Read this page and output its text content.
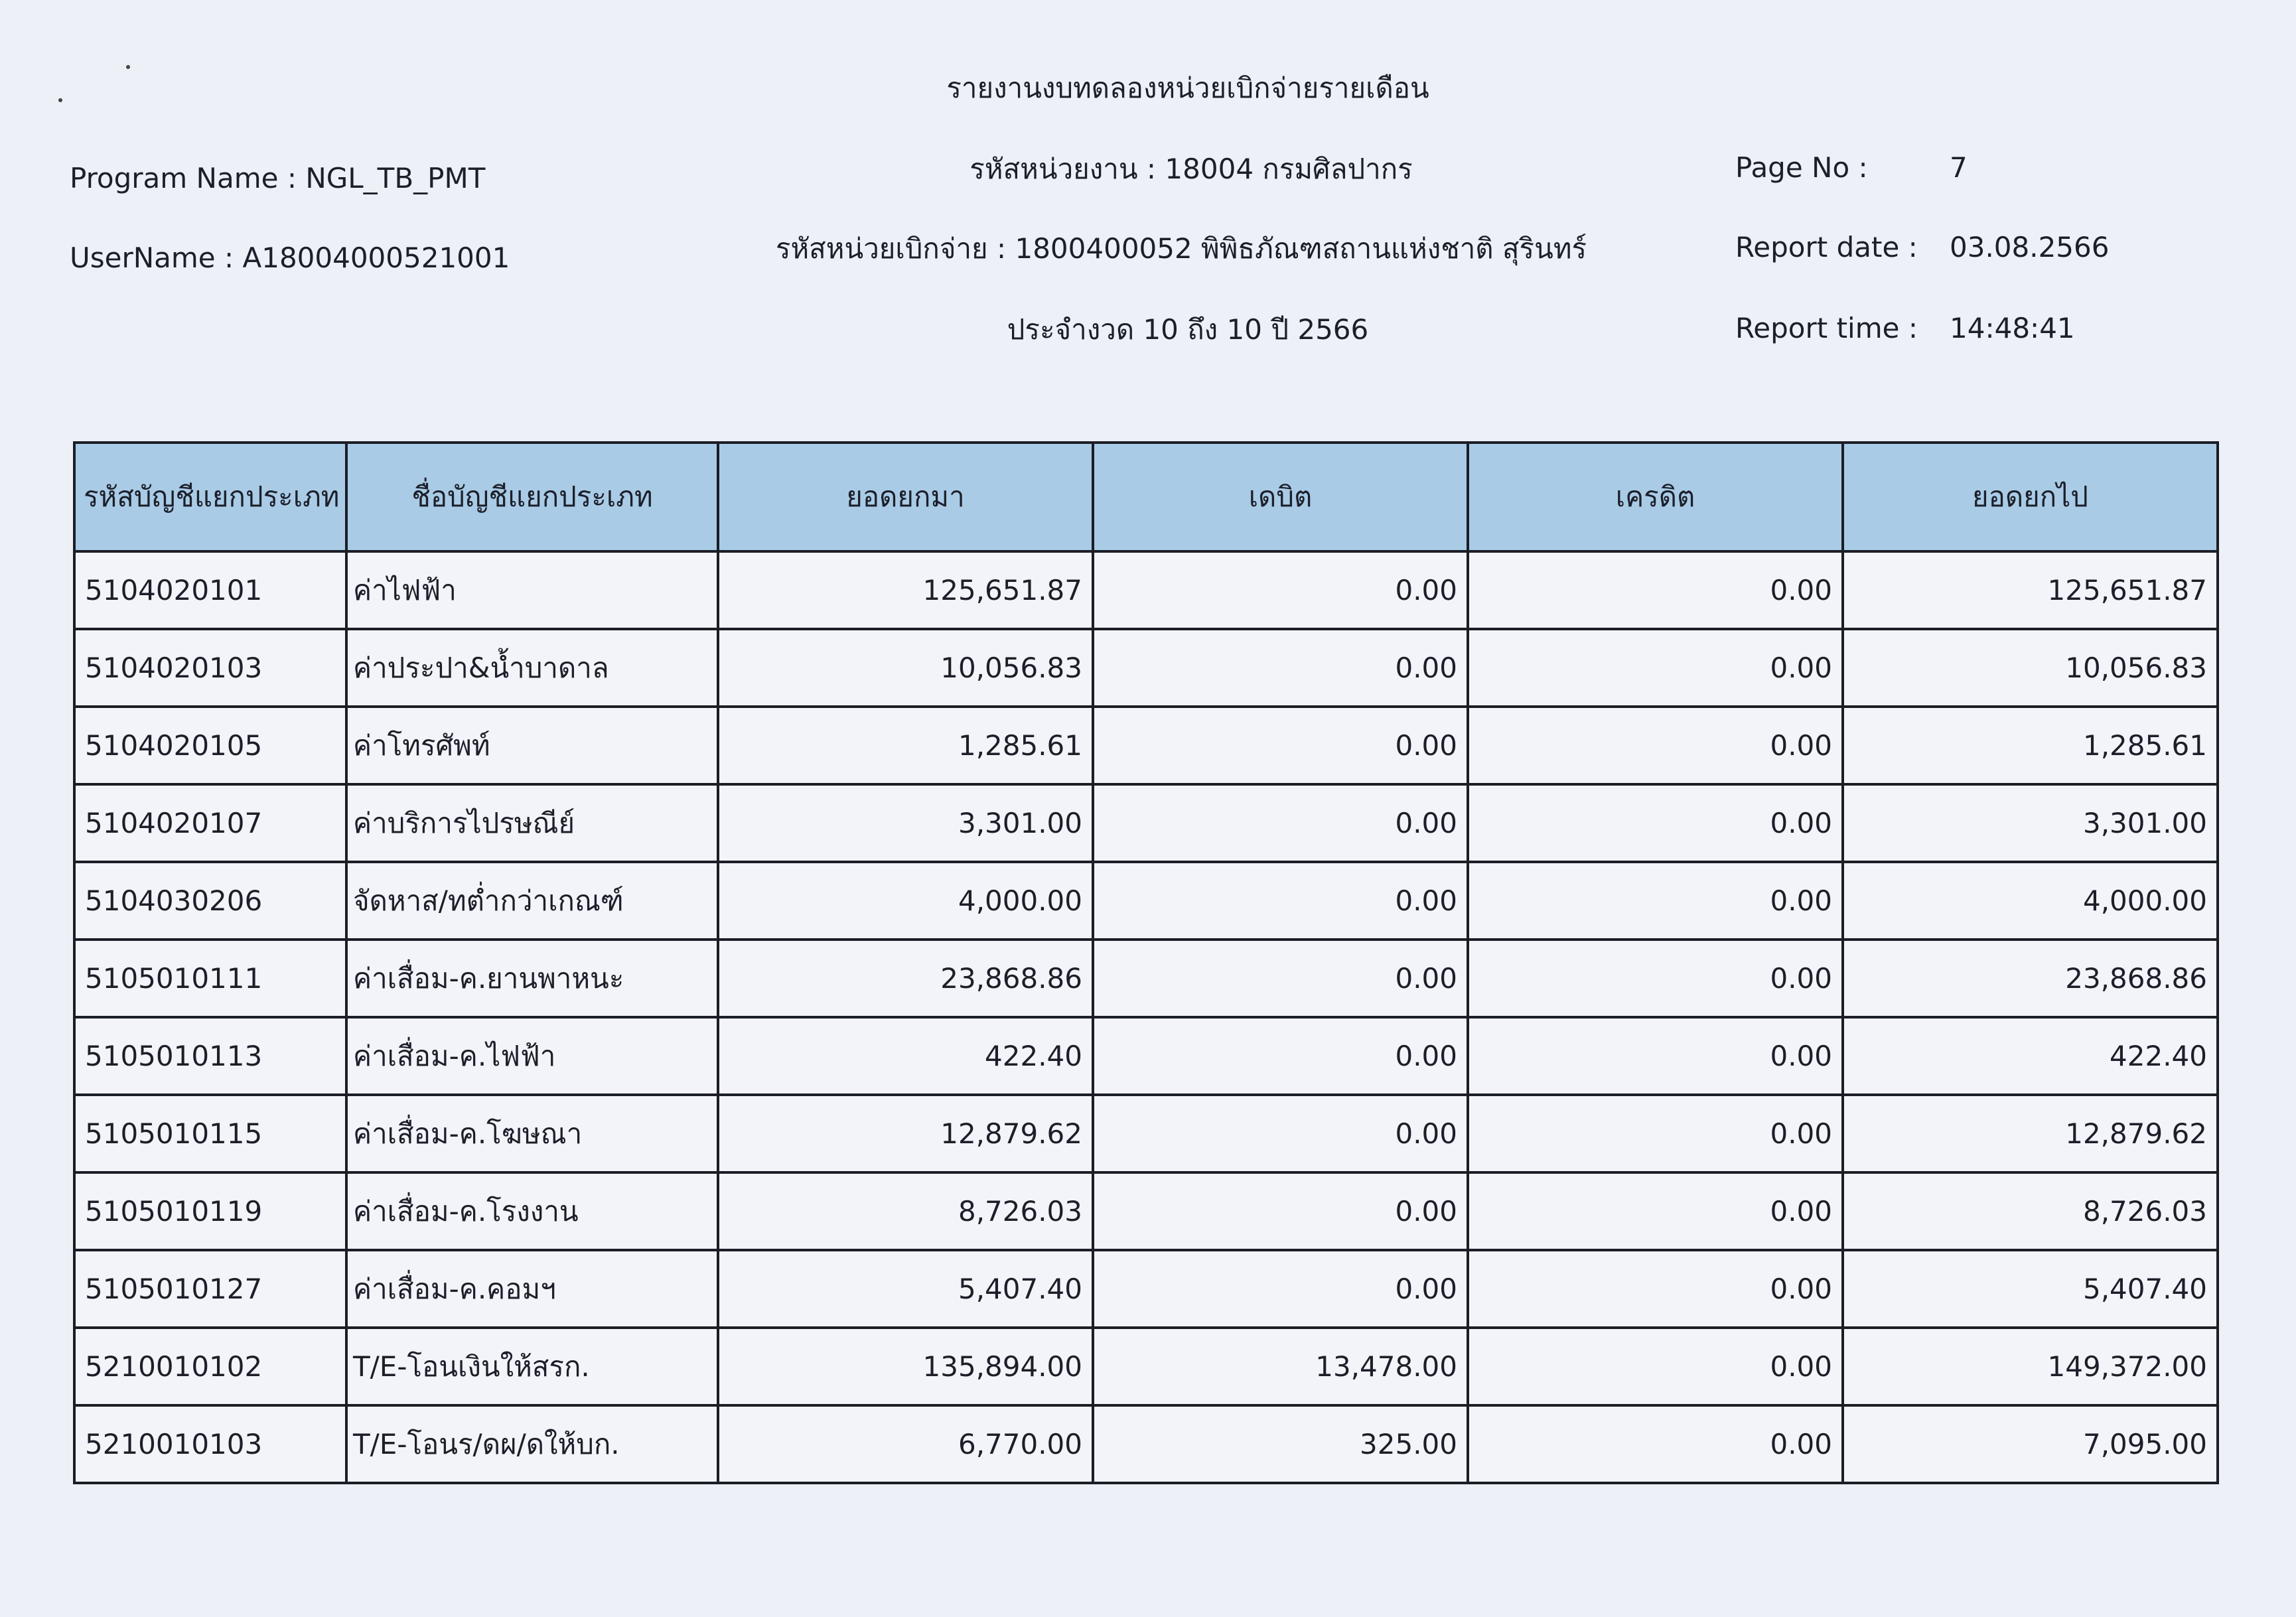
รายงานงบทดลองหน่วยเบิกจ่ายรายเดือน
Program Name : NGL_TB_PMT
UserName : A18004000521001
รหัสหน่วยงาน : 18004 กรมศิลปากร
รหัสหน่วยเบิกจ่าย : 1800400052 พิพิธภัณฑสถานแห่งชาติ สุรินทร์
ประจำงวด 10 ถึง 10 ปี 2566
Page No :	7
Report date : 03.08.2566
Report time : 14:48:41
รหัสบัญชีแยกประเภท	ชื่อบัญชีแยกประเภท	ยอดยกมา	เดบิต	เครดิต	ยอดยกไป
5104020101	ค่าไฟฟ้า	125,651.87	0.00	0.00	125,651.87
5104020103	ค่าประปา&น้ำบาดาล	10,056.83	0.00	0.00	10,056.83
5104020105	ค่าโทรศัพท์	1,285.61	0.00	0.00	1,285.61
5104020107	ค่าบริการไปรษณีย์	3,301.00	0.00	0.00	3,301.00
5104030206	จัดหาส/ทต่ำกว่าเกณฑ์	4,000.00	0.00	0.00	4,000.00
5105010111	ค่าเสื่อม-ค.ยานพาหนะ	23,868.86	0.00	0.00	23,868.86
5105010113	ค่าเสื่อม-ค.ไฟฟ้า	422.40	0.00	0.00	422.40
5105010115	ค่าเสื่อม-ค.โฆษณา	12,879.62	0.00	0.00	12,879.62
5105010119	ค่าเสื่อม-ค.โรงงาน	8,726.03	0.00	0.00	8,726.03
5105010127	ค่าเสื่อม-ค.คอมฯ	5,407.40	0.00	0.00	5,407.40
5210010102	T/E-โอนเงินให้สรก.	135,894.00	13,478.00	0.00	149,372.00
5210010103	T/E-โอนร/ดผ/ดให้บก.	6,770.00	325.00	0.00	7,095.00
